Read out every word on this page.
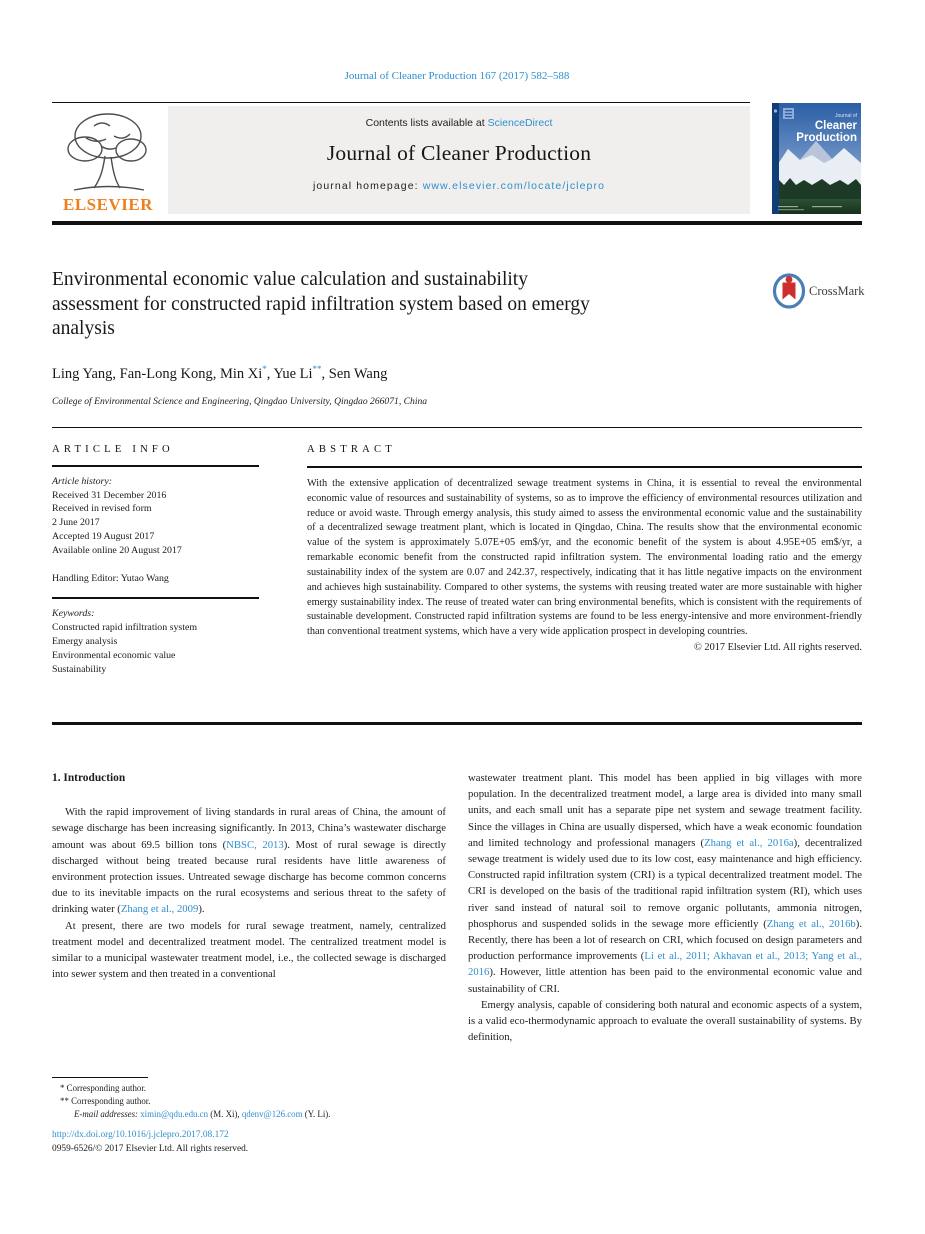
Journal of Cleaner Production 167 (2017) 582–588
ELSEVIER
Contents lists available at ScienceDirect
Journal of Cleaner Production
journal homepage: www.elsevier.com/locate/jclepro
Journal of
Cleaner
Production
Environmental economic value calculation and sustainability
assessment for constructed rapid infiltration system based on emergy
analysis
CrossMark
Ling Yang, Fan-Long Kong, Min Xi*, Yue Li**, Sen Wang
College of Environmental Science and Engineering, Qingdao University, Qingdao 266071, China
ARTICLE INFO
Article history:
Received 31 December 2016
Received in revised form
2 June 2017
Accepted 19 August 2017
Available online 20 August 2017
Handling Editor: Yutao Wang
Keywords:
Constructed rapid infiltration system
Emergy analysis
Environmental economic value
Sustainability
ABSTRACT
With the extensive application of decentralized sewage treatment systems in China, it is essential to reveal the environmental economic value of resources and sustainability of systems, so as to improve the efficiency of environmental resources utilization and reduce or avoid waste. Through emergy analysis, this study aimed to assess the environmental economic value and the sustainability of a decentralized sewage treatment plant, which is located in Qingdao, China. The results show that the environmental economic value of the system is approximately 5.07E+05 em$/yr, and the economic benefit of the system is about 4.95E+05 em$/yr, a remarkable economic benefit from the constructed rapid infiltration system. The environmental loading ratio and the emergy sustainability index of the system are 0.07 and 242.37, respectively, indicating that it has little negative impacts on the environment and achieves high sustainability. Compared to other systems, the systems with reusing treated water are more sustainable with higher emergy sustainability index. The reuse of treated water can bring environmental benefits, which is consistent with the requirements of sustainable development. Constructed rapid infiltration systems are found to be less energy-intensive and more environment-friendly than conventional treatment systems, which have a very wide application prospect in developing countries.
© 2017 Elsevier Ltd. All rights reserved.
1. Introduction

With the rapid improvement of living standards in rural areas of China, the amount of sewage discharge has been increasing significantly. In 2013, China’s wastewater discharge amount was about 69.5 billion tons (NBSC, 2013). Most of rural sewage is directly discharged without being treated because rural residents have little awareness of environment protection issues. Untreated sewage discharge has become common concerns due to its inevitable impacts on the rural ecosystems and serious threat to the safety of drinking water (Zhang et al., 2009).

At present, there are two models for rural sewage treatment, namely, centralized treatment model and decentralized treatment model. The centralized treatment model is similar to a municipal wastewater treatment model, i.e., the collected sewage is discharged into sewer system and then treated in a conventional

wastewater treatment plant. This model has been applied in big villages with more population. In the decentralized treatment model, a large area is divided into many small units, and each small unit has a separate pipe net system and sewage treatment facility. Since the villages in China are usually dispersed, which have a weak economic foundation and limited technology and professional managers (Zhang et al., 2016a), decentralized sewage treatment is widely used due to its low cost, easy maintenance and high efficiency. Constructed rapid infiltration system (CRI) is a typical decentralized treatment model. The CRI is developed on the basis of the traditional rapid infiltration system (RI), which uses river sand instead of natural soil to remove organic pollutants, ammonia nitrogen, phosphorus and suspended solids in the sewage more efficiently (Zhang et al., 2016b). Recently, there has been a lot of research on CRI, which focused on design parameters and production performance improvements (Li et al., 2011; Akhavan et al., 2013; Yang et al., 2016). However, little attention has been paid to the environmental economic value and sustainability of CRI.

Emergy analysis, capable of considering both natural and economic aspects of a system, is a valid eco-thermodynamic approach to evaluate the overall sustainability of systems. By definition,

* Corresponding author.
** Corresponding author.
E-mail addresses: ximin@qdu.edu.cn (M. Xi), qdenv@126.com (Y. Li).
http://dx.doi.org/10.1016/j.jclepro.2017.08.172
0959-6526/© 2017 Elsevier Ltd. All rights reserved.
